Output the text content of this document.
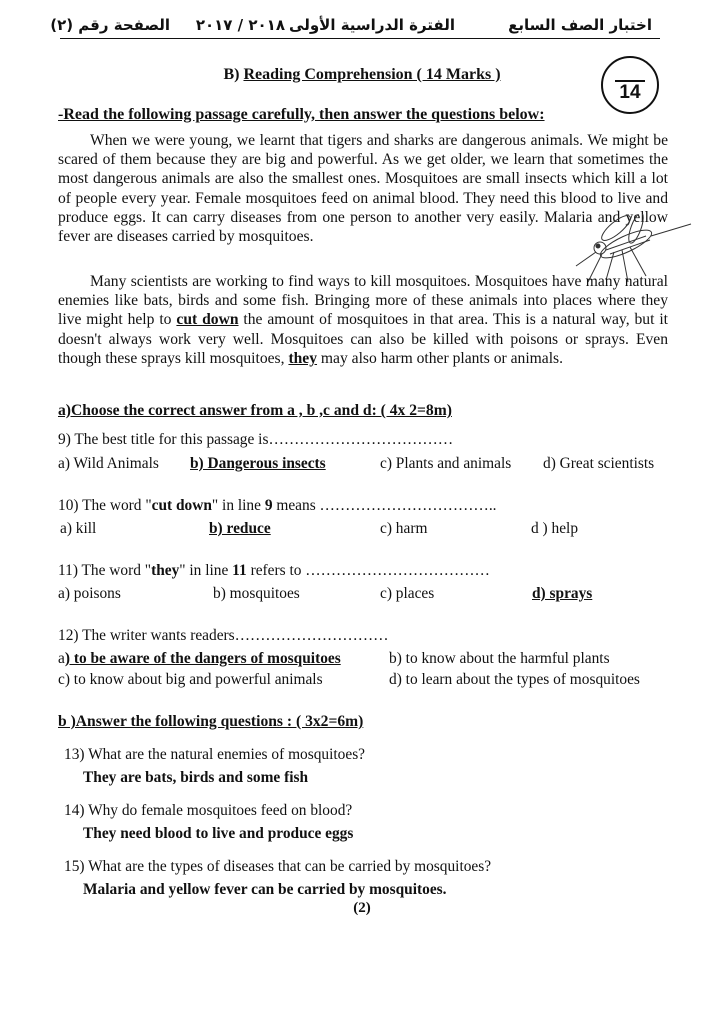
اختبار الصف السابع
الفترة الدراسية الأولى
٢٠١٨ / ٢٠١٧
الصفحة رقم (٢)
14
B) Reading Comprehension ( 14 Marks )
-Read the following passage carefully, then answer the questions below:

When we were young, we learnt that tigers and sharks are dangerous animals. We might be scared of them because they are big and powerful. As we get older, we learn that sometimes the most dangerous animals are also the smallest ones. Mosquitoes are small insects which kill a lot of people every year. Female mosquitoes feed on animal blood. They need this blood to live and produce eggs. It can carry diseases from one person to another very easily. Malaria and yellow fever are diseases carried by mosquitoes.

Many scientists are working to find ways to kill mosquitoes. Mosquitoes have many natural enemies like bats, birds and some fish. Bringing more of these animals into places where they live might help to cut down the amount of mosquitoes in that area. This is a natural way, but it doesn't always work very well. Mosquitoes can also be killed with poisons or sprays. Even though these sprays kill mosquitoes, they may also harm other plants or animals.

a)Choose the correct answer from a , b ,c and d: ( 4x 2=8m)
9) The best title for this passage is………………………………
a) Wild Animals b) Dangerous insects	c) Plants and animals d) Great scientists
10) The word "cut down" in line 9 means ……………………………..
a) kill	b) reduce	c) harm	d ) help
11) The word "they" in line 11 refers to ………………………………
a) poisons	b) mosquitoes	c) places	d) sprays
12) The writer wants readers…………………………
a) to be aware of the dangers of mosquitoes	b) to know about the harmful plants
c) to know about big and powerful animals	d) to learn about the types of mosquitoes
b )Answer the following questions : ( 3x2=6m)
13) What are the natural enemies of mosquitoes?
They are bats, birds and some fish
14) Why do female mosquitoes feed on blood?
They need blood to live and produce eggs
15) What are the types of diseases that can be carried by mosquitoes?
Malaria and yellow fever can be carried by mosquitoes.
(2)
